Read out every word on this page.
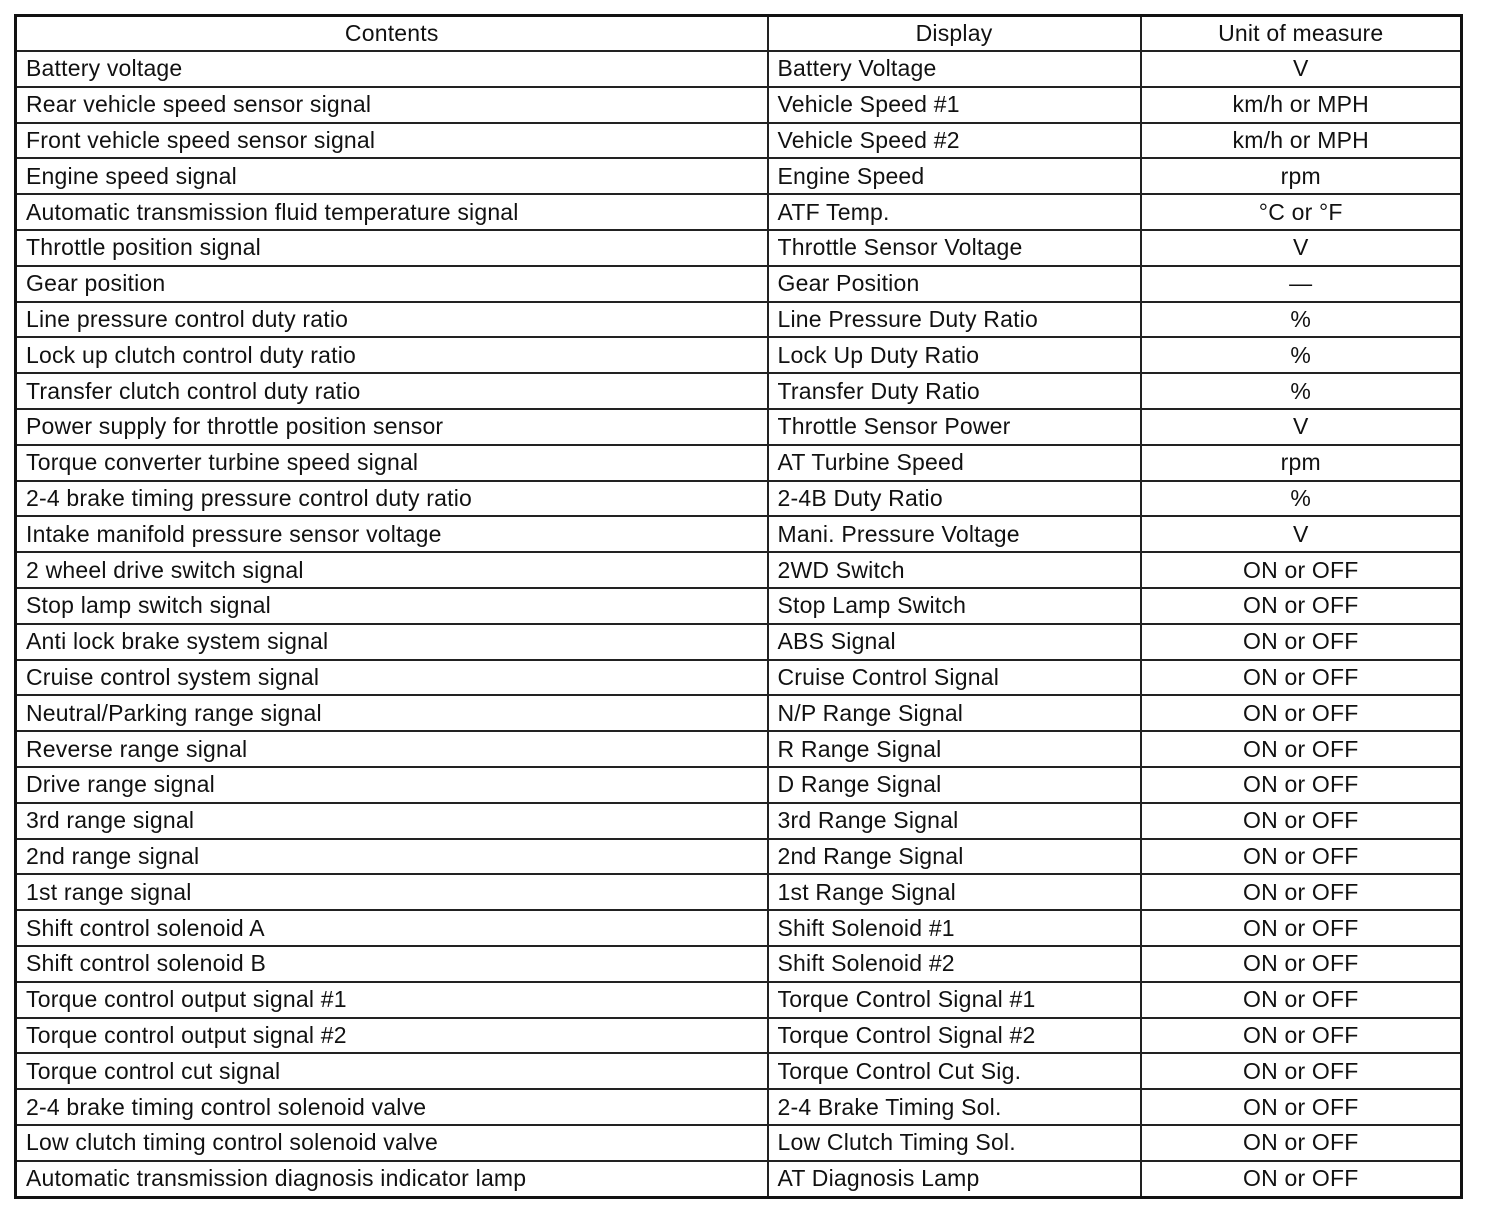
Contents	Display	Unit of measure
Battery voltage	Battery Voltage	V
Rear vehicle speed sensor signal	Vehicle Speed #1	km/h or MPH
Front vehicle speed sensor signal	Vehicle Speed #2	km/h or MPH
Engine speed signal	Engine Speed	rpm
Automatic transmission fluid temperature signal	ATF Temp.	°C or °F
Throttle position signal	Throttle Sensor Voltage	V
Gear position	Gear Position	—
Line pressure control duty ratio	Line Pressure Duty Ratio	%
Lock up clutch control duty ratio	Lock Up Duty Ratio	%
Transfer clutch control duty ratio	Transfer Duty Ratio	%
Power supply for throttle position sensor	Throttle Sensor Power	V
Torque converter turbine speed signal	AT Turbine Speed	rpm
2-4 brake timing pressure control duty ratio	2-4B Duty Ratio	%
Intake manifold pressure sensor voltage	Mani. Pressure Voltage	V
2 wheel drive switch signal	2WD Switch	ON or OFF
Stop lamp switch signal	Stop Lamp Switch	ON or OFF
Anti lock brake system signal	ABS Signal	ON or OFF
Cruise control system signal	Cruise Control Signal	ON or OFF
Neutral/Parking range signal	N/P Range Signal	ON or OFF
Reverse range signal	R Range Signal	ON or OFF
Drive range signal	D Range Signal	ON or OFF
3rd range signal	3rd Range Signal	ON or OFF
2nd range signal	2nd Range Signal	ON or OFF
1st range signal	1st Range Signal	ON or OFF
Shift control solenoid A	Shift Solenoid #1	ON or OFF
Shift control solenoid B	Shift Solenoid #2	ON or OFF
Torque control output signal #1	Torque Control Signal #1	ON or OFF
Torque control output signal #2	Torque Control Signal #2	ON or OFF
Torque control cut signal	Torque Control Cut Sig.	ON or OFF
2-4 brake timing control solenoid valve	2-4 Brake Timing Sol.	ON or OFF
Low clutch timing control solenoid valve	Low Clutch Timing Sol.	ON or OFF
Automatic transmission diagnosis indicator lamp	AT Diagnosis Lamp	ON or OFF
